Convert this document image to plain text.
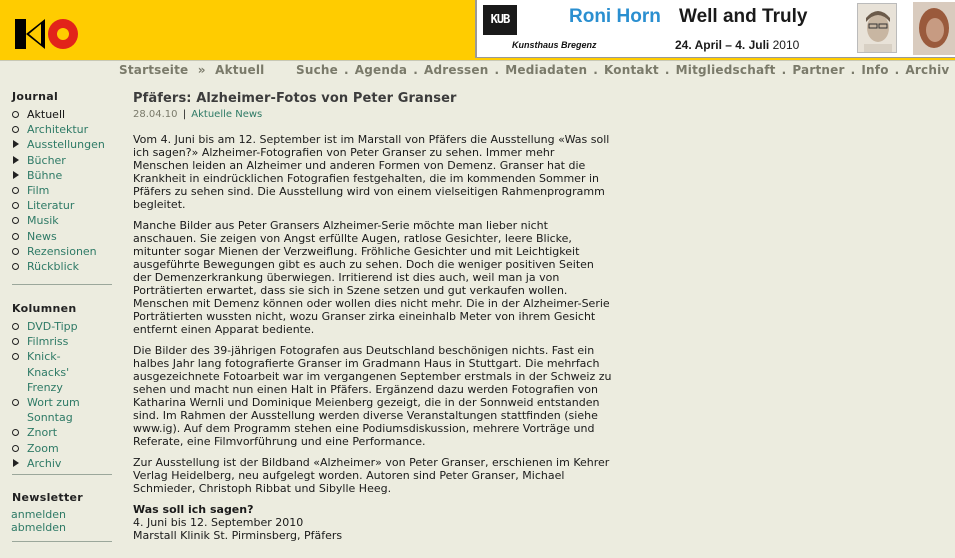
KUB
Kunsthaus Bregenz
Roni Horn Well and Truly
24. April – 4. Juli 2010
Startseite » Aktuell	Suche . Agenda . Adressen . Mediadaten . Kontakt . Mitgliedschaft . Partner . Info . Archiv
Journal
Aktuell
Architektur
Ausstellungen
Bücher
Bühne
Film
Literatur
Musik
News
Rezensionen
Rückblick
Kolumnen
DVD-Tipp
Filmriss
Knick-
Knacks'
Frenzy
Wort zum
Sonntag
Znort
Zoom
Archiv
Newsletter
anmelden
abmelden
Pfäfers: Alzheimer-Fotos von Peter Granser
28.04.10 | Aktuelle News

Vom 4. Juni bis am 12. September ist im Marstall von Pfäfers die Ausstellung «Was soll ich sagen?» Alzheimer-Fotografien von Peter Granser zu sehen. Immer mehr Menschen leiden an Alzheimer und anderen Formen von Demenz. Granser hat die Krankheit in eindrücklichen Fotografien festgehalten, die im kommenden Sommer in Pfäfers zu sehen sind. Die Ausstellung wird von einem vielseitigen Rahmenprogramm begleitet.

Manche Bilder aus Peter Gransers Alzheimer-Serie möchte man lieber nicht anschauen. Sie zeigen von Angst erfüllte Augen, ratlose Gesichter, leere Blicke, mitunter sogar Mienen der Verzweiflung. Fröhliche Gesichter und mit Leichtigkeit ausgeführte Bewegungen gibt es auch zu sehen. Doch die weniger positiven Seiten der Demenzerkrankung überwiegen. Irritierend ist dies auch, weil man ja von Porträtierten erwartet, dass sie sich in Szene setzen und gut verkaufen wollen. Menschen mit Demenz können oder wollen dies nicht mehr. Die in der Alzheimer-Serie Porträtierten wussten nicht, wozu Granser zirka eineinhalb Meter von ihrem Gesicht entfernt einen Apparat bediente.

Die Bilder des 39-jährigen Fotografen aus Deutschland beschönigen nichts. Fast ein halbes Jahr lang fotografierte Granser im Gradmann Haus in Stuttgart. Die mehrfach ausgezeichnete Fotoarbeit war im vergangenen September erstmals in der Schweiz zu sehen und macht nun einen Halt in Pfäfers. Ergänzend dazu werden Fotografien von Katharina Wernli und Dominique Meienberg gezeigt, die in der Sonnweid entstanden sind. Im Rahmen der Ausstellung werden diverse Veranstaltungen stattfinden (siehe www.ig). Auf dem Programm stehen eine Podiumsdiskussion, mehrere Vorträge und Referate, eine Filmvorführung und eine Performance.

Zur Ausstellung ist der Bildband «Alzheimer» von Peter Granser, erschienen im Kehrer Verlag Heidelberg, neu aufgelegt worden. Autoren sind Peter Granser, Michael Schmieder, Christoph Ribbat und Sibylle Heeg.

Was soll ich sagen?
4. Juni bis 12. September 2010
Marstall Klinik St. Pirminsberg, Pfäfers
